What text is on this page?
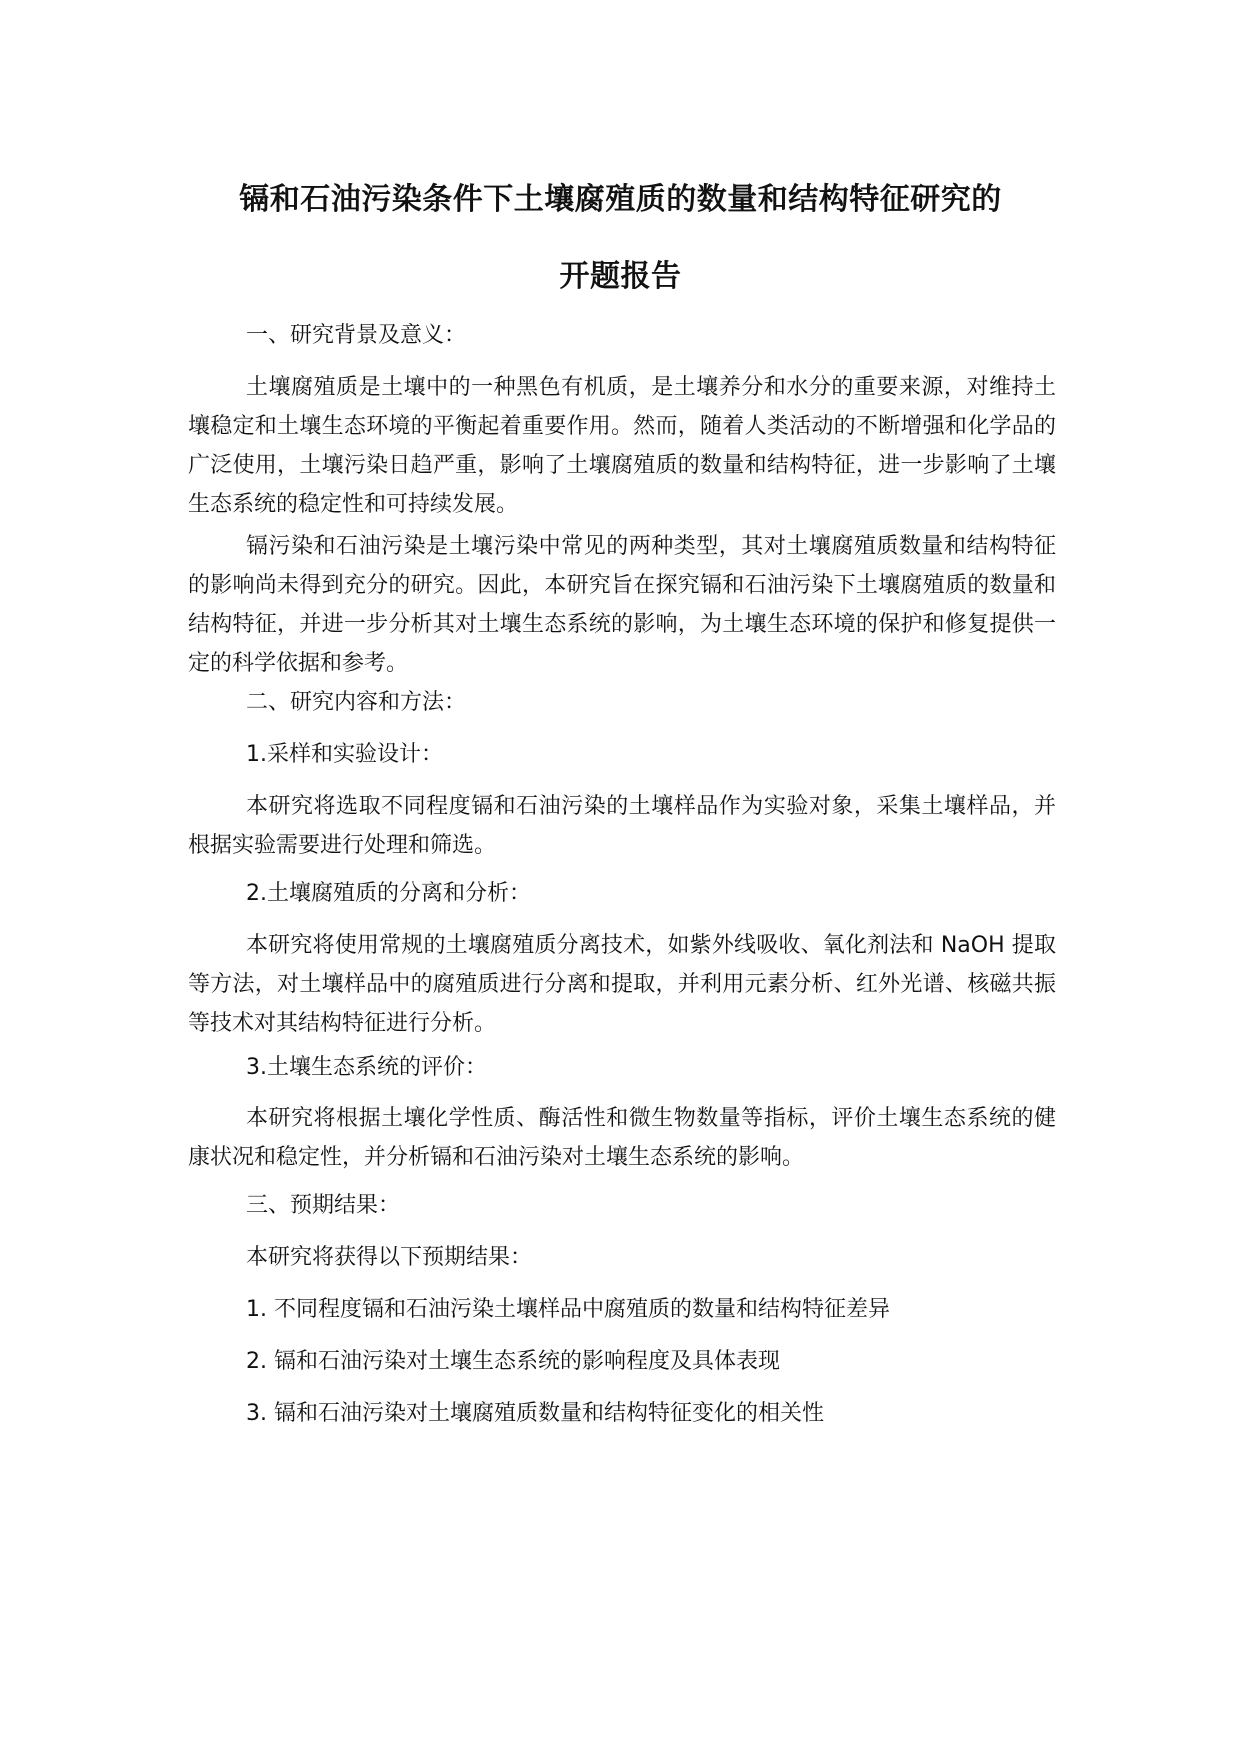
镉和石油污染条件下土壤腐殖质的数量和结构特征研究的
开题报告

一、研究背景及意义：

土壤腐殖质是土壤中的一种黑色有机质，是土壤养分和水分的重要来源，对维持土壤稳定和土壤生态环境的平衡起着重要作用。然而，随着人类活动的不断增强和化学品的广泛使用，土壤污染日趋严重，影响了土壤腐殖质的数量和结构特征，进一步影响了土壤生态系统的稳定性和可持续发展。

镉污染和石油污染是土壤污染中常见的两种类型，其对土壤腐殖质数量和结构特征的影响尚未得到充分的研究。因此，本研究旨在探究镉和石油污染下土壤腐殖质的数量和结构特征，并进一步分析其对土壤生态系统的影响，为土壤生态环境的保护和修复提供一定的科学依据和参考。

二、研究内容和方法：

1.采样和实验设计：

本研究将选取不同程度镉和石油污染的土壤样品作为实验对象，采集土壤样品，并根据实验需要进行处理和筛选。

2.土壤腐殖质的分离和分析：

本研究将使用常规的土壤腐殖质分离技术，如紫外线吸收、氧化剂法和 NaOH 提取等方法，对土壤样品中的腐殖质进行分离和提取，并利用元素分析、红外光谱、核磁共振等技术对其结构特征进行分析。

3.土壤生态系统的评价：

本研究将根据土壤化学性质、酶活性和微生物数量等指标，评价土壤生态系统的健康状况和稳定性，并分析镉和石油污染对土壤生态系统的影响。

三、预期结果：

本研究将获得以下预期结果：

1. 不同程度镉和石油污染土壤样品中腐殖质的数量和结构特征差异

2. 镉和石油污染对土壤生态系统的影响程度及具体表现

3. 镉和石油污染对土壤腐殖质数量和结构特征变化的相关性
